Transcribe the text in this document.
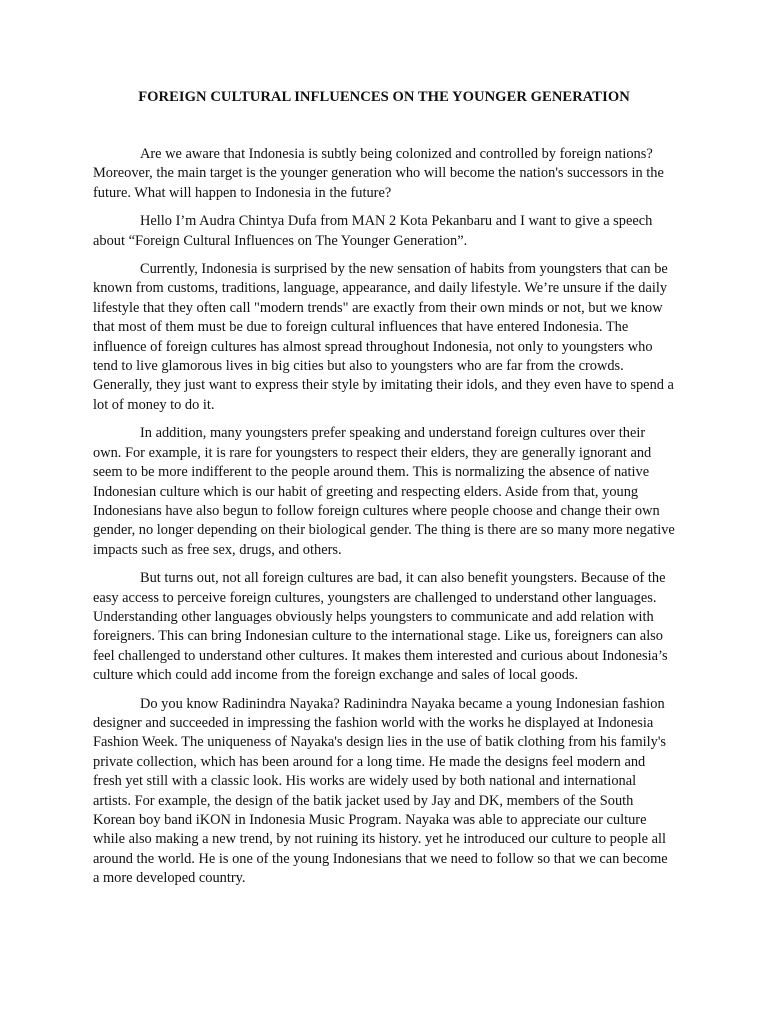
FOREIGN CULTURAL INFLUENCES ON THE YOUNGER GENERATION

Are we aware that Indonesia is subtly being colonized and controlled by foreign nations? Moreover, the main target is the younger generation who will become the nation's successors in the future. What will happen to Indonesia in the future?

Hello I’m Audra Chintya Dufa from MAN 2 Kota Pekanbaru and I want to give a speech about “Foreign Cultural Influences on The Younger Generation”.

Currently, Indonesia is surprised by the new sensation of habits from youngsters that can be known from customs, traditions, language, appearance, and daily lifestyle. We’re unsure if the daily lifestyle that they often call "modern trends" are exactly from their own minds or not, but we know that most of them must be due to foreign cultural influences that have entered Indonesia. The influence of foreign cultures has almost spread throughout Indonesia, not only to youngsters who tend to live glamorous lives in big cities but also to youngsters who are far from the crowds. Generally, they just want to express their style by imitating their idols, and they even have to spend a lot of money to do it.

In addition, many youngsters prefer speaking and understand foreign cultures over their own. For example, it is rare for youngsters to respect their elders, they are generally ignorant and seem to be more indifferent to the people around them. This is normalizing the absence of native Indonesian culture which is our habit of greeting and respecting elders. Aside from that, young Indonesians have also begun to follow foreign cultures where people choose and change their own gender, no longer depending on their biological gender. The thing is there are so many more negative impacts such as free sex, drugs, and others.

But turns out, not all foreign cultures are bad, it can also benefit youngsters. Because of the easy access to perceive foreign cultures, youngsters are challenged to understand other languages. Understanding other languages obviously helps youngsters to communicate and add relation with foreigners. This can bring Indonesian culture to the international stage. Like us, foreigners can also feel challenged to understand other cultures. It makes them interested and curious about Indonesia’s culture which could add income from the foreign exchange and sales of local goods.

Do you know Radinindra Nayaka? Radinindra Nayaka became a young Indonesian fashion designer and succeeded in impressing the fashion world with the works he displayed at Indonesia Fashion Week. The uniqueness of Nayaka's design lies in the use of batik clothing from his family's private collection, which has been around for a long time. He made the designs feel modern and fresh yet still with a classic look. His works are widely used by both national and international artists. For example, the design of the batik jacket used by Jay and DK, members of the South Korean boy band iKON in Indonesia Music Program. Nayaka was able to appreciate our culture while also making a new trend, by not ruining its history. yet he introduced our culture to people all around the world. He is one of the young Indonesians that we need to follow so that we can become a more developed country.
